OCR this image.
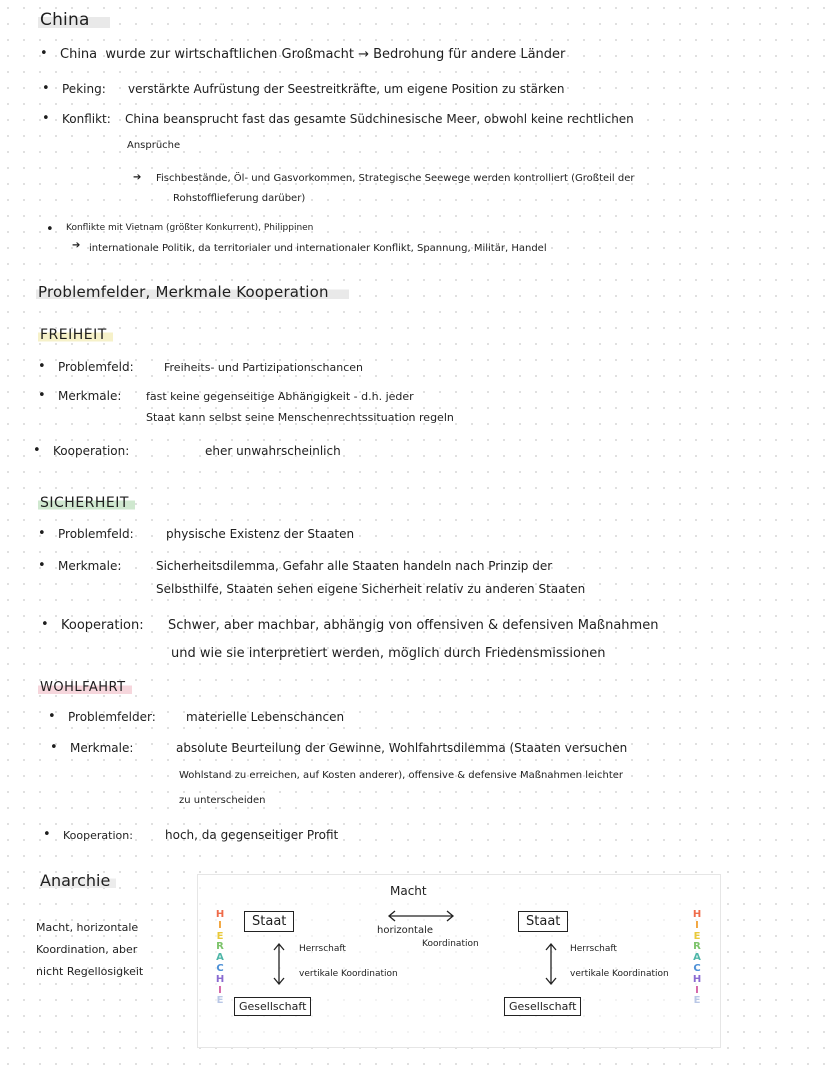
China
• China wurde zur wirtschaftlichen Großmacht → Bedrohung für andere Länder
• Peking: verstärkte Aufrüstung der Seestreitkräfte, um eigene Position zu stärken
• Konflikt: China beansprucht fast das gesamte Südchinesische Meer, obwohl keine rechtlichen
Ansprüche
➔ Fischbestände, Öl- und Gasvorkommen, Strategische Seewege werden kontrolliert (Großteil der
Rohstofflieferung darüber)
• Konflikte mit Vietnam (größter Konkurrent), Philippinen
➔ internationale Politik, da territorialer und internationaler Konflikt, Spannung, Militär, Handel
Problemfelder, Merkmale Kooperation
FREIHEIT
• Problemfeld:	Freiheits- und Partizipationschancen
• Merkmale: fast keine gegenseitige Abhängigkeit - d.h. jeder
Staat kann selbst seine Menschenrechtssituation regeln
• Kooperation:	eher unwahrscheinlich
SICHERHEIT
• Problemfeld:	physische Existenz der Staaten
• Merkmale:	Sicherheitsdilemma, Gefahr alle Staaten handeln nach Prinzip der
Selbsthilfe, Staaten sehen eigene Sicherheit relativ zu anderen Staaten
• Kooperation: Schwer, aber machbar, abhängig von offensiven & defensiven Maßnahmen
und wie sie interpretiert werden, möglich durch Friedensmissionen
WOHLFAHRT
• Problemfelder:	materielle Lebenschancen
• Merkmale:	absolute Beurteilung der Gewinne, Wohlfahrtsdilemma (Staaten versuchen
Wohlstand zu erreichen, auf Kosten anderer), offensive & defensive Maßnahmen leichter
zu unterscheiden
• Kooperation:	hoch, da gegenseitiger Profit
Anarchie
Macht, horizontale
Koordination, aber
nicht Regellosigkeit
Macht
horizontale
Koordination
Staat
Herrschaft
vertikale Koordination
Gesellschaft
Staat
Herrschaft
vertikale Koordination
Gesellschaft
H
I
E
R
A
C
H
I
E
H
I
E
R
A
C
H
I
E
